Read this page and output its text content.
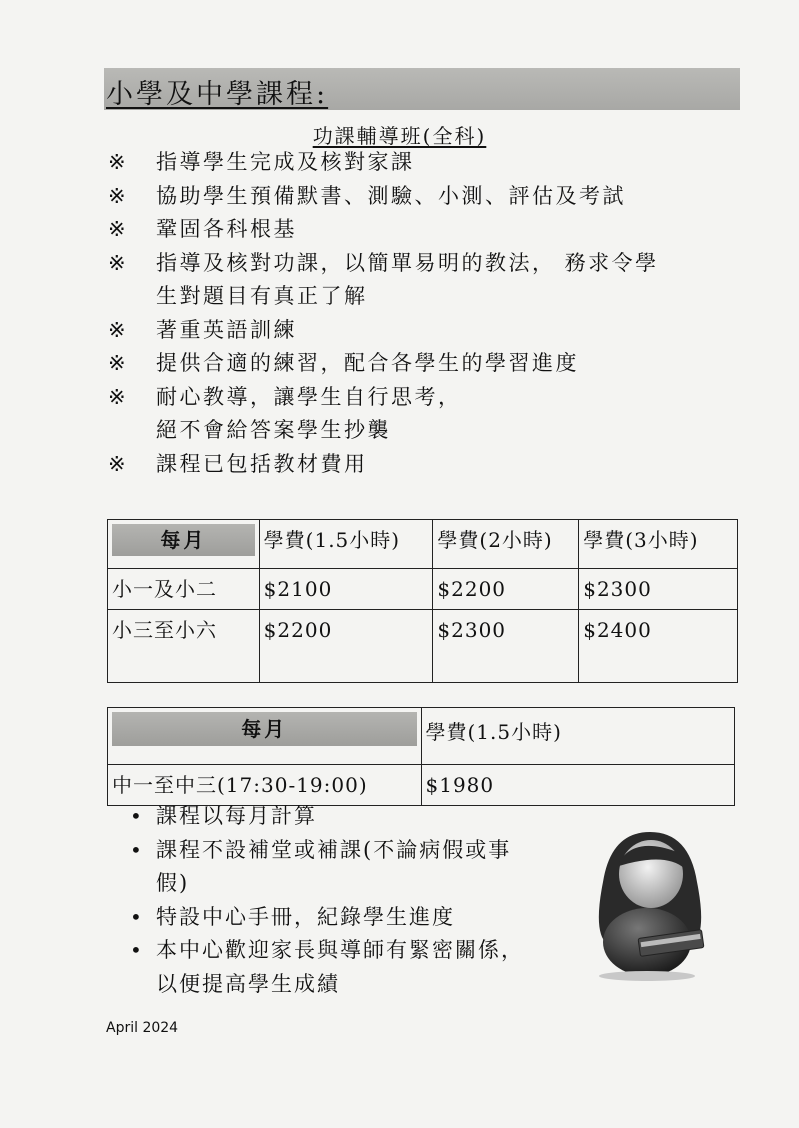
小學及中學課程:
功課輔導班(全科)
※ 指導學生完成及核對家課
※ 協助學生預備默書、測驗、小測、評估及考試
※ 鞏固各科根基
※ 指導及核對功課，以簡單易明的教法， 務求令學
生對題目有真正了解
※ 著重英語訓練
※ 提供合適的練習，配合各學生的學習進度
※ 耐心教導，讓學生自行思考，
絕不會給答案學生抄襲
※ 課程已包括教材費用
每月	學費(1.5小時)	學費(2小時)	學費(3小時)
小一及小二	$2100	$2200	$2300
小三至小六	$2200	$2300	$2400
每月	學費(1.5小時)
中一至中三(17:30-19:00)	$1980
• 課程以每月計算
• 課程不設補堂或補課(不論病假或事
假)
• 特設中心手冊，紀錄學生進度
• 本中心歡迎家長與導師有緊密關係，
以便提高學生成績
April 2024
